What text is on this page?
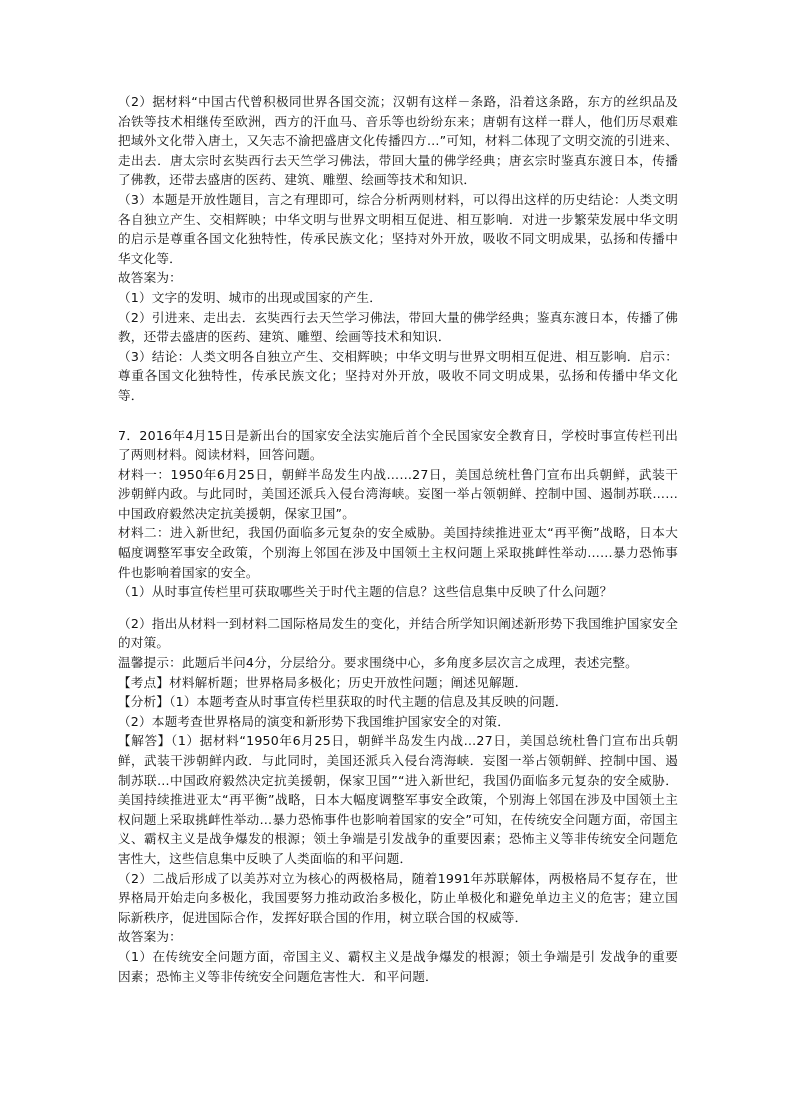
（2）据材料“中国古代曾积极同世界各国交流；汉朝有这样－条路，沿着这条路，东方的丝织品及冶铁等技术相继传至欧洲，西方的汗血马、音乐等也纷纷东来；唐朝有这样一群人，他们历尽艰难把域外文化带入唐土，又矢志不渝把盛唐文化传播四方…”可知，材料二体现了文明交流的引进来、走出去．唐太宗时玄奘西行去天竺学习佛法，带回大量的佛学经典；唐玄宗时鉴真东渡日本，传播了佛教，还带去盛唐的医药、建筑、雕塑、绘画等技术和知识．

（3）本题是开放性题目，言之有理即可，综合分析两则材料，可以得出这样的历史结论：人类文明各自独立产生、交相辉映；中华文明与世界文明相互促进、相互影响．对进一步繁荣发展中华文明的启示是尊重各国文化独特性，传承民族文化；坚持对外开放，吸收不同文明成果，弘扬和传播中华文化等．

故答案为：

（1）文字的发明、城市的出现或国家的产生．

（2）引进来、走出去．玄奘西行去天竺学习佛法，带回大量的佛学经典；鉴真东渡日本，传播了佛教，还带去盛唐的医药、建筑、雕塑、绘画等技术和知识．

（3）结论：人类文明各自独立产生、交相辉映；中华文明与世界文明相互促进、相互影响．启示：尊重各国文化独特性，传承民族文化；坚持对外开放，吸收不同文明成果，弘扬和传播中华文化等．

7．2016年4月15日是新出台的国家安全法实施后首个全民国家安全教育日，学校时事宣传栏刊出了两则材料。阅读材料，回答问题。

材料一：1950年6月25日，朝鲜半岛发生内战……27日，美国总统杜鲁门宣布出兵朝鲜，武装干涉朝鲜内政。与此同时，美国还派兵入侵台湾海峡。妄图一举占领朝鲜、控制中国、遏制苏联……中国政府毅然决定抗美援朝，保家卫国”。

材料二：进入新世纪，我国仍面临多元复杂的安全威胁。美国持续推进亚太“再平衡”战略，日本大幅度调整军事安全政策，个别海上邻国在涉及中国领土主权问题上采取挑衅性举动……暴力恐怖事件也影响着国家的安全。

（1）从时事宣传栏里可获取哪些关于时代主题的信息？这些信息集中反映了什么问题？

（2）指出从材料一到材料二国际格局发生的变化，并结合所学知识阐述新形势下我国维护国家安全的对策。

温馨提示：此题后半问4分，分层给分。要求围绕中心，多角度多层次言之成理，表述完整。

【考点】材料解析题；世界格局多极化；历史开放性问题；阐述见解题．

【分析】（1）本题考查从时事宣传栏里获取的时代主题的信息及其反映的问题．

（2）本题考查世界格局的演变和新形势下我国维护国家安全的对策．

【解答】（1）据材料“1950年6月25日，朝鲜半岛发生内战…27日，美国总统杜鲁门宣布出兵朝鲜，武装干涉朝鲜内政．与此同时，美国还派兵入侵台湾海峡．妄图一举占领朝鲜、控制中国、遏制苏联…中国政府毅然决定抗美援朝，保家卫国”“进入新世纪，我国仍面临多元复杂的安全威胁．美国持续推进亚太“再平衡”战略，日本大幅度调整军事安全政策，个别海上邻国在涉及中国领土主权问题上采取挑衅性举动…暴力恐怖事件也影响着国家的安全”可知，在传统安全问题方面，帝国主义、霸权主义是战争爆发的根源；领土争端是引发战争的重要因素；恐怖主义等非传统安全问题危害性大，这些信息集中反映了人类面临的和平问题．

（2）二战后形成了以美苏对立为核心的两极格局，随着1991年苏联解体，两极格局不复存在，世界格局开始走向多极化，我国要努力推动政治多极化，防止单极化和避免单边主义的危害；建立国际新秩序，促进国际合作，发挥好联合国的作用，树立联合国的权威等．

故答案为：

（1）在传统安全问题方面，帝国主义、霸权主义是战争爆发的根源；领土争端是引 发战争的重要因素；恐怖主义等非传统安全问题危害性大．和平问题．
